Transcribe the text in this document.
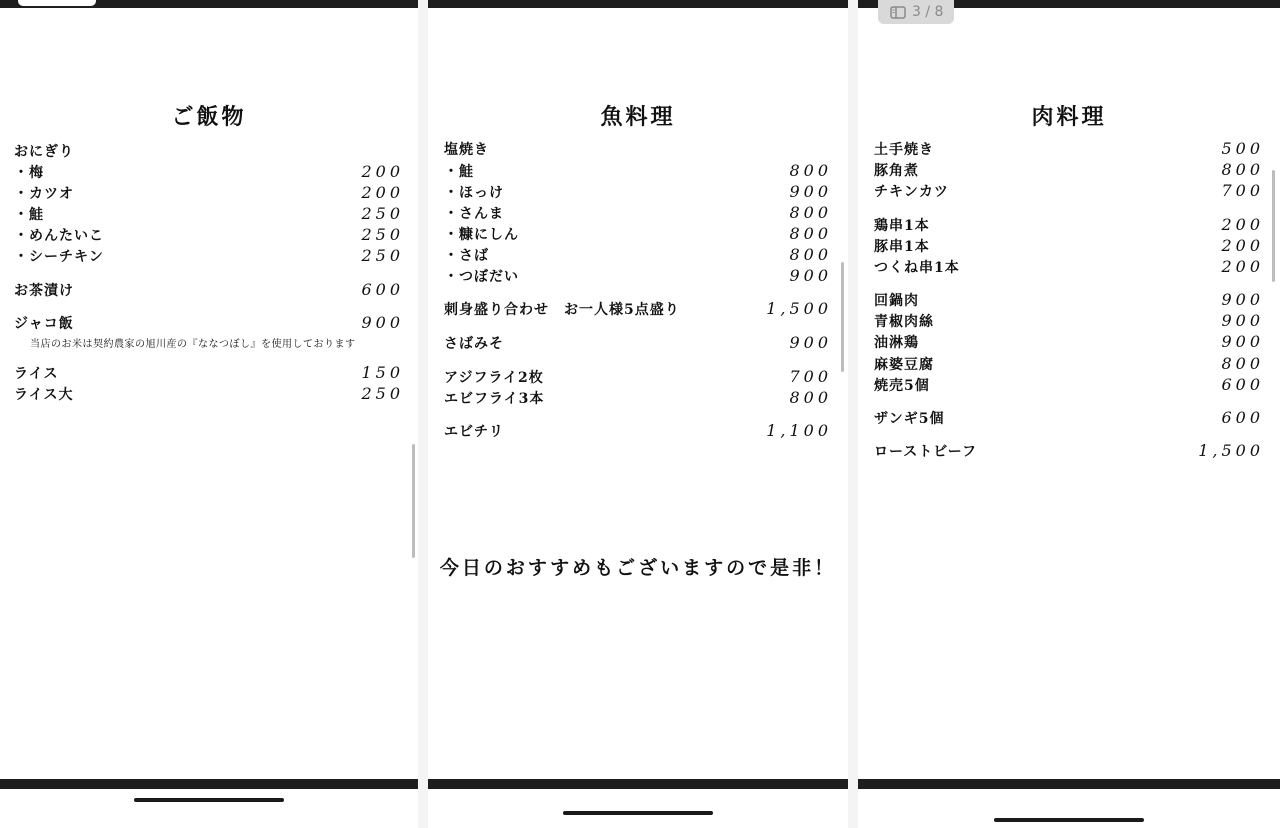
ご飯物
おにぎり
・梅	200
・カツオ	200
・鮭	250
・めんたいこ	250
・シーチキン	250
お茶漬け	600
ジャコ飯	900
ライス	150
ライス大	250
当店のお米は契約農家の旭川産の『ななつぼし』を使用しております
魚料理
塩焼き
・鮭	800
・ほっけ	900
・さんま	800
・糠にしん	800
・さば	800
・つぼだい	900
刺身盛り合わせ　お一人様5点盛り	1,500
さばみそ	900
アジフライ2枚	700
エビフライ3本	800
エビチリ	1,100
今日のおすすめもございますので是非！
肉料理
土手焼き	500
豚角煮	800
チキンカツ	700
鶏串1本	200
豚串1本	200
つくね串1本	200
回鍋肉	900
青椒肉絲	900
油淋鶏	900
麻婆豆腐	800
焼売5個	600
ザンギ5個	600
ローストビーフ	1,500
3 / 8
